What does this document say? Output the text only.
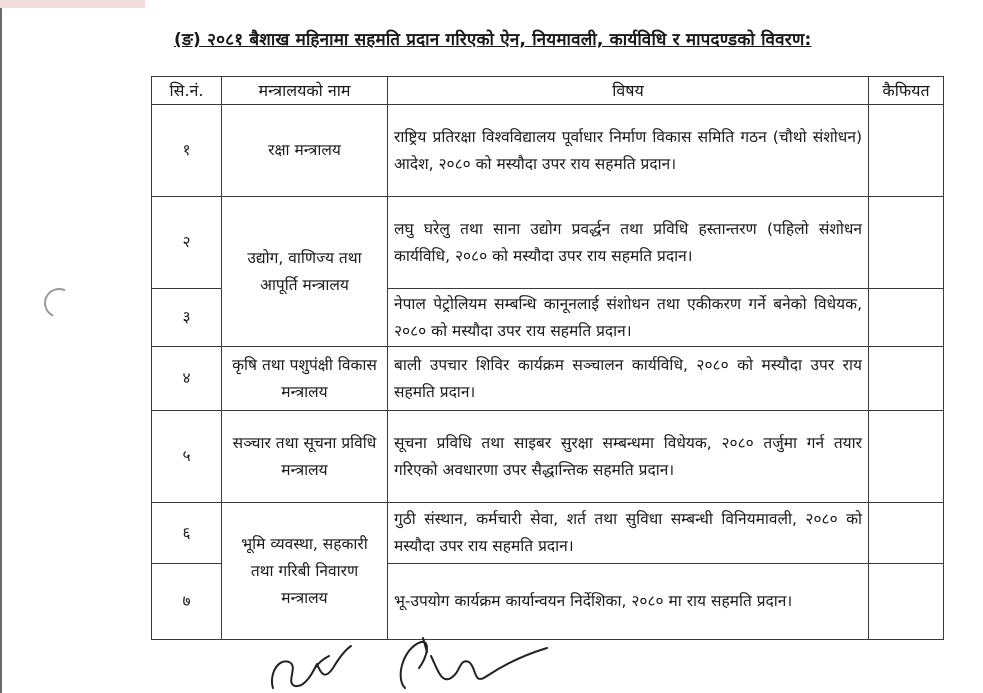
(ङ) २०८१ बैशाख महिनामा सहमति प्रदान गरिएको ऐन, नियमावली, कार्यविधि र मापदण्डको विवरण:
सि.नं.	मन्त्रालयको नाम	विषय	कैफियत
१	रक्षा मन्त्रालय	राष्ट्रिय प्रतिरक्षा विश्वविद्यालय पूर्वाधार निर्माण विकास समिति गठन (चौथो संशोधन) आदेश, २०८० को मस्यौदा उपर राय सहमति प्रदान।	
२	उद्योग, वाणिज्य तथा आपूर्ति मन्त्रालय	लघु घरेलु तथा साना उद्योग प्रवर्द्धन तथा प्रविधि हस्तान्तरण (पहिलो संशोधन कार्यविधि, २०८० को मस्यौदा उपर राय सहमति प्रदान।	
३		नेपाल पेट्रोलियम सम्बन्धि कानूनलाई संशोधन तथा एकीकरण गर्ने बनेको विधेयक, २०८० को मस्यौदा उपर राय सहमति प्रदान।	
४	कृषि तथा पशुपंक्षी विकास मन्त्रालय	बाली उपचार शिविर कार्यक्रम सञ्चालन कार्यविधि, २०८० को मस्यौदा उपर राय सहमति प्रदान।	
५	सञ्चार तथा सूचना प्रविधि मन्त्रालय	सूचना प्रविधि तथा साइबर सुरक्षा सम्बन्धमा विधेयक, २०८० तर्जुमा गर्न तयार गरिएको अवधारणा उपर सैद्धान्तिक सहमति प्रदान।	
६	भूमि व्यवस्था, सहकारी तथा गरिबी निवारण मन्त्रालय	गुठी संस्थान, कर्मचारी सेवा, शर्त तथा सुविधा सम्बन्धी विनियमावली, २०८० को मस्यौदा उपर राय सहमति प्रदान।	
७		भू-उपयोग कार्यक्रम कार्यान्वयन निर्देशिका, २०८० मा राय सहमति प्रदान।	
